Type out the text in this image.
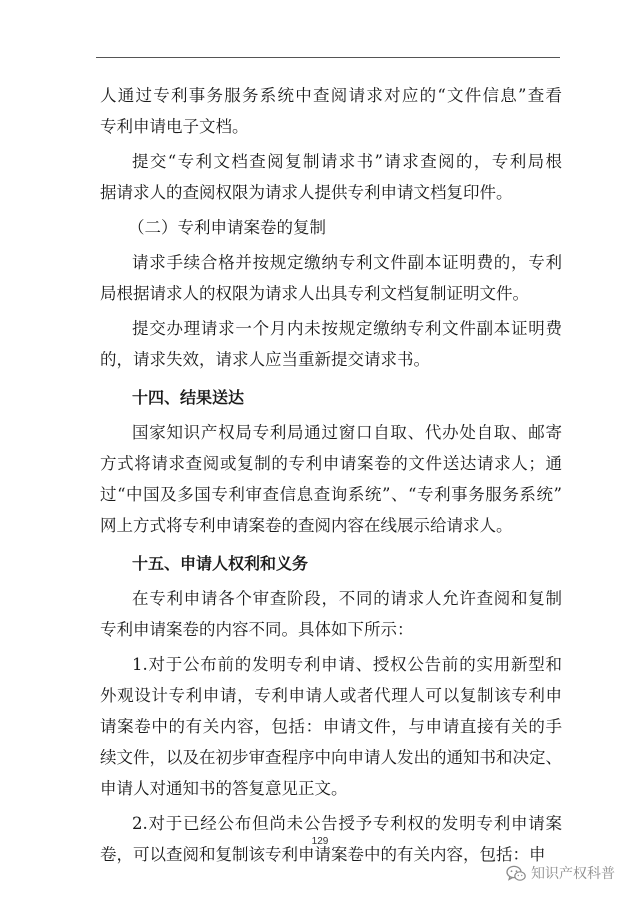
人通过专利事务服务系统中查阅请求对应的“文件信息”查看
专利申请电子文档。
提交“专利文档查阅复制请求书”请求查阅的，专利局根
据请求人的查阅权限为请求人提供专利申请文档复印件。
（二）专利申请案卷的复制
请求手续合格并按规定缴纳专利文件副本证明费的，专利
局根据请求人的权限为请求人出具专利文档复制证明文件。
提交办理请求一个月内未按规定缴纳专利文件副本证明费
的，请求失效，请求人应当重新提交请求书。
十四、结果送达
国家知识产权局专利局通过窗口自取、代办处自取、邮寄
方式将请求查阅或复制的专利申请案卷的文件送达请求人；通
过“中国及多国专利审查信息查询系统”、“专利事务服务系统”
网上方式将专利申请案卷的查阅内容在线展示给请求人。
十五、申请人权利和义务
在专利申请各个审查阶段，不同的请求人允许查阅和复制
专利申请案卷的内容不同。具体如下所示：
1.对于公布前的发明专利申请、授权公告前的实用新型和
外观设计专利申请，专利申请人或者代理人可以复制该专利申
请案卷中的有关内容，包括：申请文件，与申请直接有关的手
续文件，以及在初步审查程序中向申请人发出的通知书和决定、
申请人对通知书的答复意见正文。
2.对于已经公布但尚未公告授予专利权的发明专利申请案
卷，可以查阅和复制该专利申请案卷中的有关内容，包括：申
129
知识产权科普
